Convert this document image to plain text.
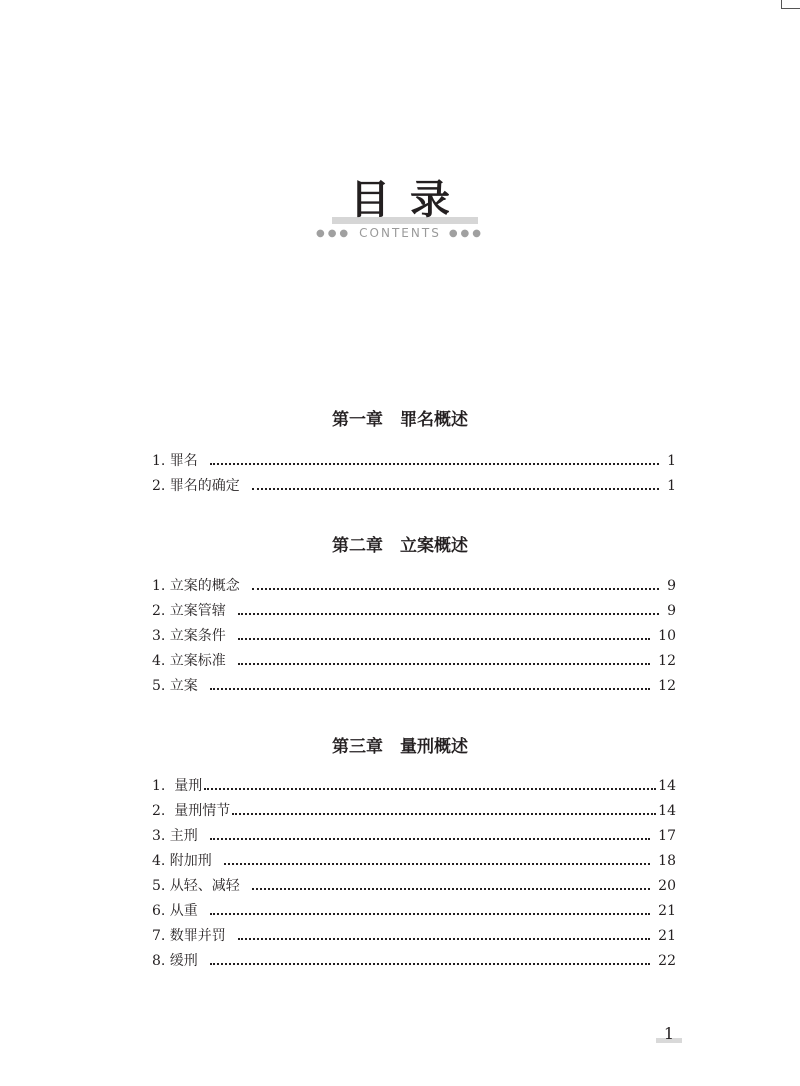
目录
●●● CONTENTS ●●●
第一章　罪名概述
1. 罪名	1
2. 罪名的确定	1
第二章　立案概述
1. 立案的概念	9
2. 立案管辖	9
3. 立案条件	10
4. 立案标准	12
5. 立案	12
第三章　量刑概述
1.  量刑	14
2.  量刑情节	14
3. 主刑	17
4. 附加刑	18
5. 从轻、减轻	20
6. 从重	21
7. 数罪并罚	21
8. 缓刑	22
1
